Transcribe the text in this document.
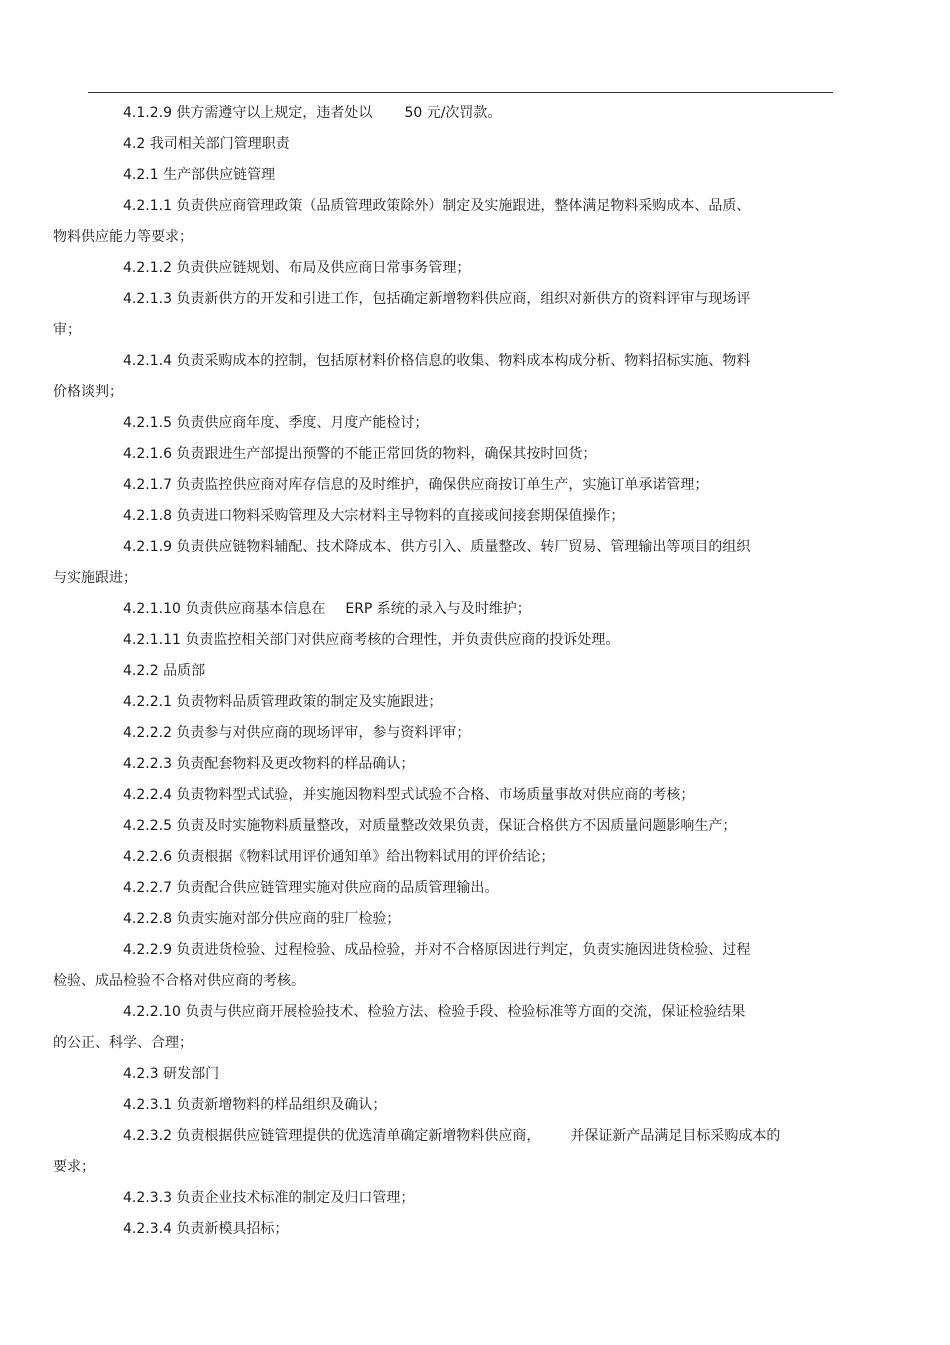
4.1.2.9 供方需遵守以上规定，违者处以 50 元/次罚款。

4.2 我司相关部门管理职责

4.2.1 生产部供应链管理

4.2.1.1 负责供应商管理政策（品质管理政策除外）制定及实施跟进，整体满足物料采购成本、品质、
物料供应能力等要求；

4.2.1.2 负责供应链规划、布局及供应商日常事务管理；

4.2.1.3 负责新供方的开发和引进工作，包括确定新增物料供应商，组织对新供方的资料评审与现场评
审；

4.2.1.4 负责采购成本的控制，包括原材料价格信息的收集、物料成本构成分析、物料招标实施、物料
价格谈判；

4.2.1.5 负责供应商年度、季度、月度产能检讨；

4.2.1.6 负责跟进生产部提出预警的不能正常回货的物料，确保其按时回货；

4.2.1.7 负责监控供应商对库存信息的及时维护，确保供应商按订单生产，实施订单承诺管理；

4.2.1.8 负责进口物料采购管理及大宗材料主导物料的直接或间接套期保值操作；

4.2.1.9 负责供应链物料辅配、技术降成本、供方引入、质量整改、转厂贸易、管理输出等项目的组织
与实施跟进；

4.2.1.10 负责供应商基本信息在 ERP 系统的录入与及时维护；

4.2.1.11 负责监控相关部门对供应商考核的合理性，并负责供应商的投诉处理。

4.2.2 品质部

4.2.2.1 负责物料品质管理政策的制定及实施跟进；

4.2.2.2 负责参与对供应商的现场评审，参与资料评审；

4.2.2.3 负责配套物料及更改物料的样品确认；

4.2.2.4 负责物料型式试验，并实施因物料型式试验不合格、市场质量事故对供应商的考核；

4.2.2.5 负责及时实施物料质量整改，对质量整改效果负责，保证合格供方不因质量问题影响生产；

4.2.2.6 负责根据《物料试用评价通知单》给出物料试用的评价结论；

4.2.2.7 负责配合供应链管理实施对供应商的品质管理输出。

4.2.2.8 负责实施对部分供应商的驻厂检验；

4.2.2.9 负责进货检验、过程检验、成品检验，并对不合格原因进行判定，负责实施因进货检验、过程
检验、成品检验不合格对供应商的考核。

4.2.2.10 负责与供应商开展检验技术、检验方法、检验手段、检验标准等方面的交流，保证检验结果
的公正、科学、合理；

4.2.3 研发部门

4.2.3.1 负责新增物料的样品组织及确认；

4.2.3.2 负责根据供应链管理提供的优选清单确定新增物料供应商， 并保证新产品满足目标采购成本的
要求；

4.2.3.3 负责企业技术标准的制定及归口管理；

4.2.3.4 负责新模具招标；
